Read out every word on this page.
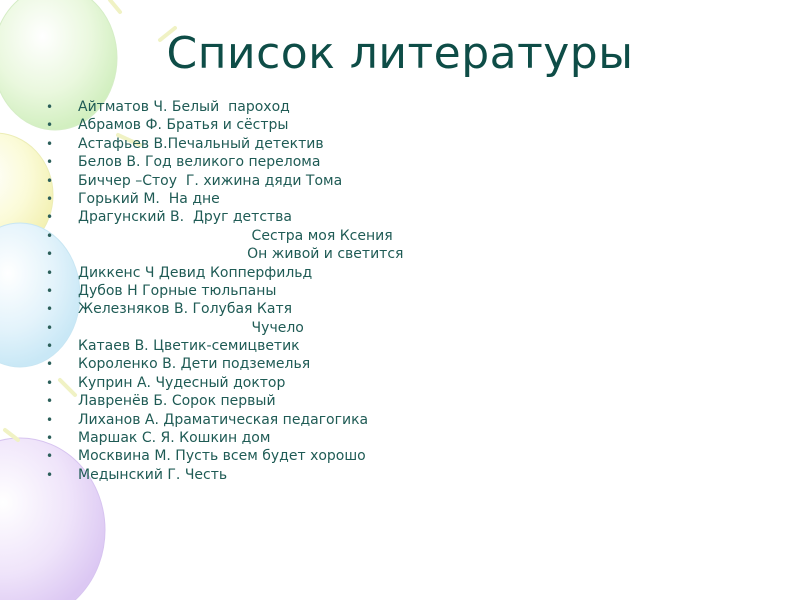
Список литературы
• Айтматов Ч. Белый  пароход
• Абрамов Ф. Братья и сёстры
• Астафьев В.Печальный детектив
• Белов В. Год великого перелома
• Биччер –Стоу  Г. хижина дяди Тома
• Горький М.  На дне
• Драгунский В.  Друг детства
• Сестра моя Ксения
• Он живой и светится
• Диккенс Ч Девид Копперфильд
• Дубов Н Горные тюльпаны
• Железняков В. Голубая Катя
• Чучело
• Катаев В. Цветик-семицветик
• Короленко В. Дети подземелья
• Куприн А. Чудесный доктор
• Лавренёв Б. Сорок первый
• Лиханов А. Драматическая педагогика
• Маршак С. Я. Кошкин дом
• Москвина М. Пусть всем будет хорошо
• Медынский Г. Честь
